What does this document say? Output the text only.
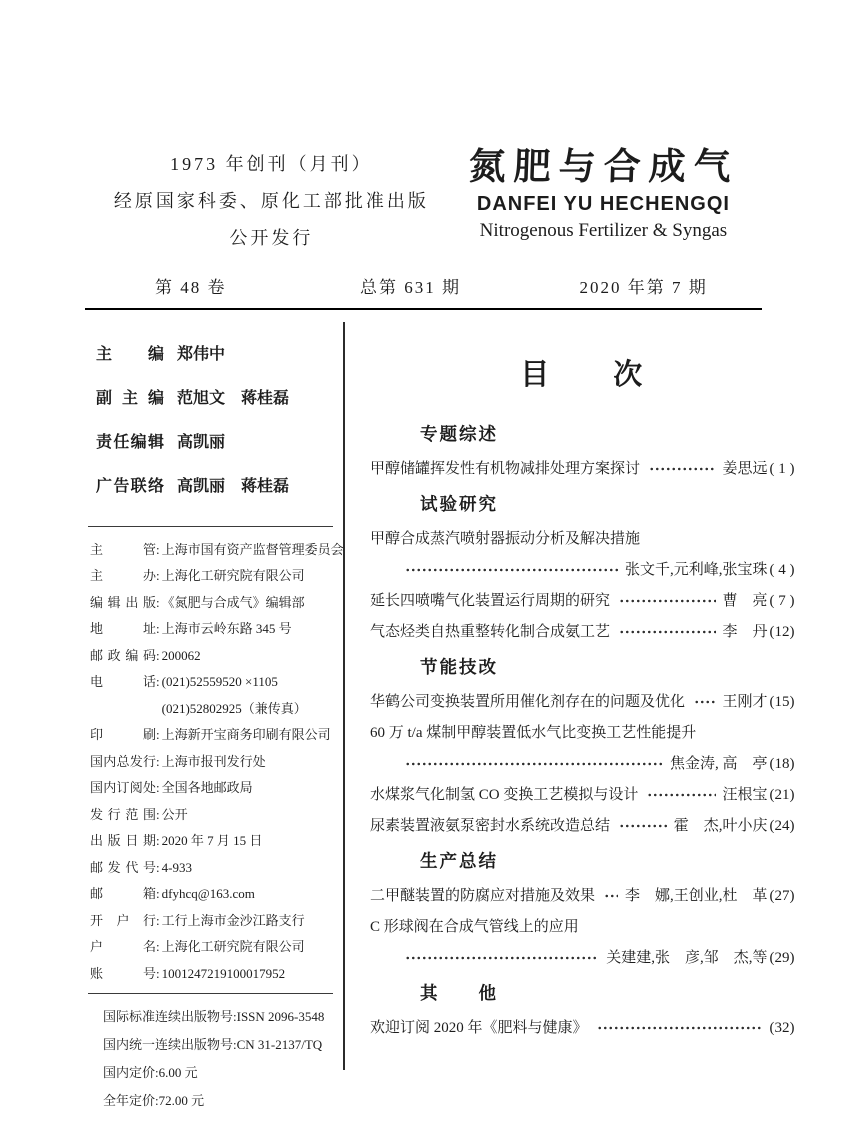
1973 年创刊（月刊）
经原国家科委、原化工部批准出版
公开发行
氮肥与合成气
DANFEI YU HECHENGQI
Nitrogenous Fertilizer & Syngas
第 48 卷	总第 631 期	2020 年第 7 期
主编 郑伟中
副主编 范旭文　蒋桂磊
责任编辑 高凯丽
广告联络 高凯丽　蒋桂磊
主管 : 上海市国有资产监督管理委员会
主办 : 上海化工研究院有限公司
编辑出版 : 《氮肥与合成气》编辑部
地址 : 上海市云岭东路 345 号
邮政编码 : 200062
电话 : (021)52559520 ×1105
(021)52802925（兼传真）
印刷 : 上海新开宝商务印刷有限公司
国内总发行 : 上海市报刊发行处
国内订阅处 : 全国各地邮政局
发行范围 : 公开
出版日期 : 2020 年 7 月 15 日
邮发代号 : 4-933
邮箱 : dfyhcq@163.com
开户行 : 工行上海市金沙江路支行
户名 : 上海化工研究院有限公司
账号 : 1001247219100017952
国际标准连续出版物号:ISSN 2096-3548
国内统一连续出版物号:CN 31-2137/TQ
国内定价:6.00 元
全年定价:72.00 元
目　　次
专题综述
甲醇储罐挥发性有机物减排处理方案探讨	姜思远 ( 1 )
试验研究
甲醇合成蒸汽喷射器振动分析及解决措施
张文千,元利峰,张宝珠 ( 4 )
延长四喷嘴气化装置运行周期的研究	曹　亮 ( 7 )
气态烃类自热重整转化制合成氨工艺	李　丹 (12)
节能技改
华鹤公司变换装置所用催化剂存在的问题及优化	王刚才 (15)
60 万 t/a 煤制甲醇装置低水气比变换工艺性能提升
焦金涛, 高　亭 (18)
水煤浆气化制氢 CO 变换工艺模拟与设计	汪根宝 (21)
尿素装置液氨泵密封水系统改造总结	霍　杰,叶小庆 (24)
生产总结
二甲醚装置的防腐应对措施及效果 李　娜,王创业,杜　革 (27)
C 形球阀在合成气管线上的应用
关建建,张　彦,邹　杰,等 (29)
其　　他
欢迎订阅 2020 年《肥料与健康》	(32)
